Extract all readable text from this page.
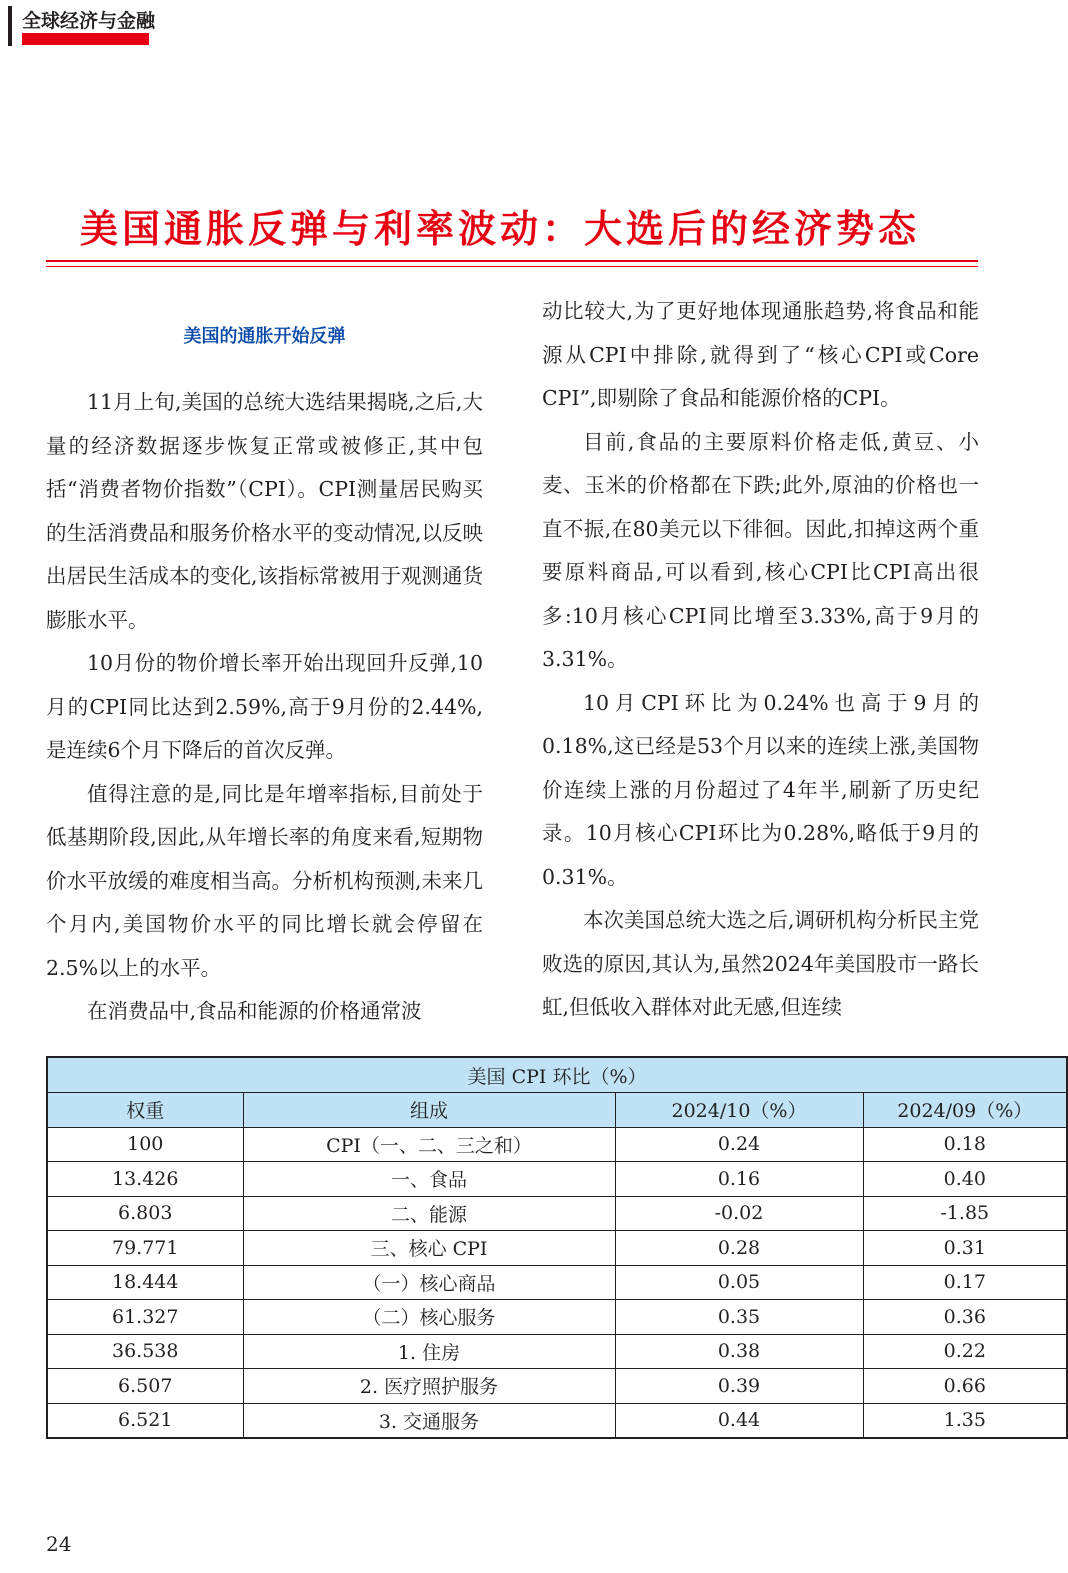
全球经济与金融
美国通胀反弹与利率波动：大选后的经济势态
美国的通胀开始反弹

11月上旬,美国的总统大选结果揭晓,之后,大量的经济数据逐步恢复正常或被修正,其中包括“消费者物价指数”（CPI）。CPI测量居民购买的生活消费品和服务价格水平的变动情况,以反映出居民生活成本的变化,该指标常被用于观测通货膨胀水平。

10月份的物价增长率开始出现回升反弹,10月的CPI同比达到2.59%,高于9月份的2.44%,是连续6个月下降后的首次反弹。

值得注意的是,同比是年增率指标,目前处于低基期阶段,因此,从年增长率的角度来看,短期物价水平放缓的难度相当高。分析机构预测,未来几个月内,美国物价水平的同比增长就会停留在2.5%以上的水平。

在消费品中,食品和能源的价格通常波

动比较大,为了更好地体现通胀趋势,将食品和能源从CPI中排除,就得到了“核心CPI或Core CPI”,即剔除了食品和能源价格的CPI。

目前,食品的主要原料价格走低,黄豆、小麦、玉米的价格都在下跌;此外,原油的价格也一直不振,在80美元以下徘徊。因此,扣掉这两个重要原料商品,可以看到,核心CPI比CPI高出很多:10月核心CPI同比增至3.33%,高于9月的3.31%。

10月CPI环比为0.24%也高于9月的0.18%,这已经是53个月以来的连续上涨,美国物价连续上涨的月份超过了4年半,刷新了历史纪录。10月核心CPI环比为0.28%,略低于9月的0.31%。

本次美国总统大选之后,调研机构分析民主党败选的原因,其认为,虽然2024年美国股市一路长虹,但低收入群体对此无感,但连续

美国 CPI 环比（%）			
权重	组成	2024/10（%）	2024/09（%）
100	CPI（一、二、三之和）	0.24	0.18
13.426	一、食品	0.16	0.40
6.803	二、能源	-0.02	-1.85
79.771	三、核心 CPI	0.28	0.31
18.444	（一）核心商品	0.05	0.17
61.327	（二）核心服务	0.35	0.36
36.538	1. 住房	0.38	0.22
6.507	2. 医疗照护服务	0.39	0.66
6.521	3. 交通服务	0.44	1.35
24
